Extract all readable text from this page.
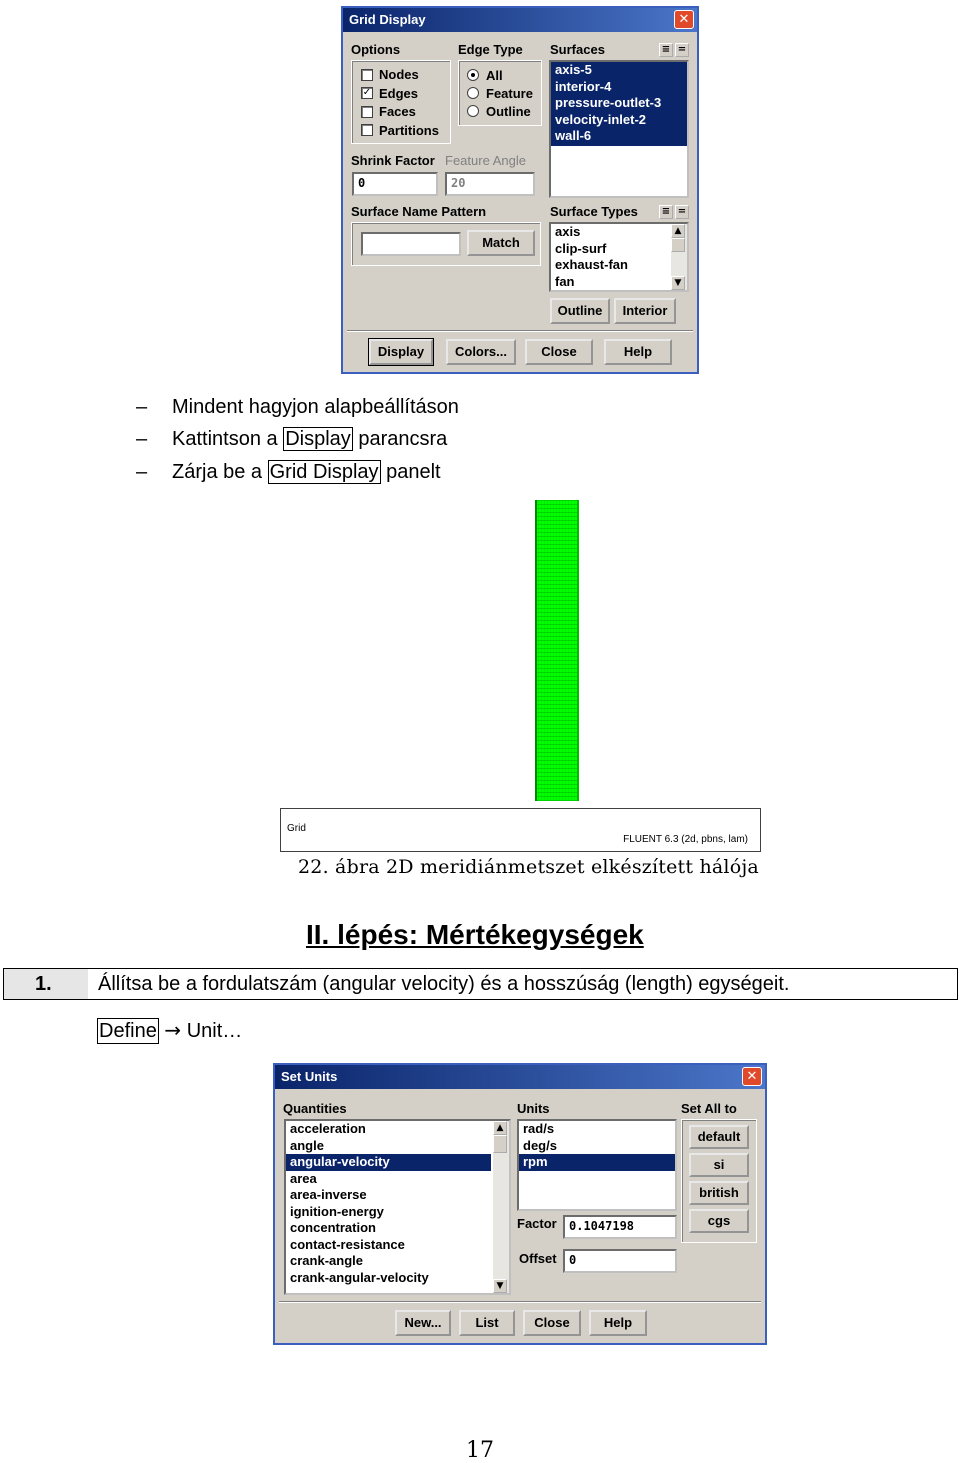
Grid Display	✕
Options
Nodes
✓ Edges
Faces
Partitions
Edge Type
All
Feature
Outline
Surfaces	≡ =
axis-5
interior-4
pressure-outlet-3
velocity-inlet-2
wall-6
Shrink Factor Feature Angle
0	20
Surface Name Pattern
Match
Surface Types ≡ =
axis
clip-surf
exhaust-fan
fan
▲
▼
Outline	Interior
Display	Colors...	Close	Help
– Mindent hagyjon alapbeállításon
– Kattintson a Display parancsra
– Zárja be a Grid Display panelt
Grid
FLUENT 6.3 (2d, pbns, lam)
22. ábra 2D meridiánmetszet elkészített hálója
II. lépés: Mértékegységek
1. Állítsa be a fordulatszám (angular velocity) és a hosszúság (length) egységeit.
Define → Unit…
Set Units	✕
Quantities
acceleration
angle
angular-velocity
area
area-inverse
ignition-energy
concentration
contact-resistance
crank-angle
crank-angular-velocity
▲
▼
Units
rad/s
deg/s
rpm
Factor	0.1047198
Offset	0
Set All to
default
si
british
cgs
New...	List	Close	Help
17
